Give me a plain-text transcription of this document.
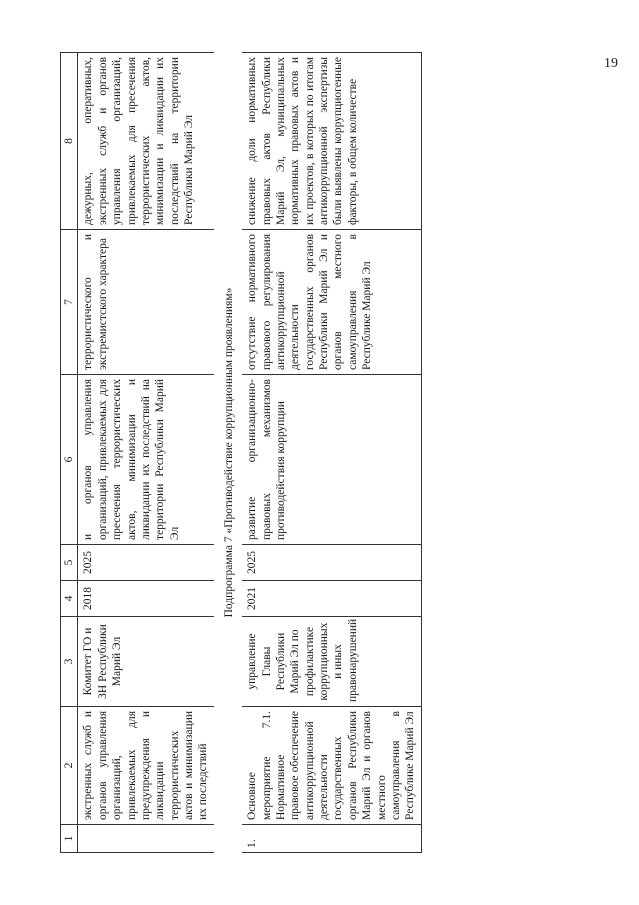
19
1	2	3	4	5	6	7	8
	экстренных служб и органов управления организаций, привлекаемых для предупреждения и ликвидации террористических актов и минимизации их последствий	Комитет ГО и ЗН Республики Марий Эл	2018	2025	и органов управления организаций, привлекаемых для пресечения террористических актов, минимизации и ликвидации их последствий на территории Республики Марий Эл	террористического и экстремистского характера	дежурных, оперативных, экстренных служб и органов управления организаций, привлекаемых для пресечения террористических актов, минимизации и ликвидации их последствий на территории Республики Марий Эл
Подпрограмма 7 «Противодействие коррупционным проявлениям»							
1.	Основное мероприятие 7.1. Нормативное правовое обеспечение антикоррупционной деятельности государственных органов Республики Марий Эл и органов местного самоуправления в Республике Марий Эл	управление Главы Республики Марий Эл по профилактике коррупционных и иных правонарушений	2021	2025	развитие организационно-правовых механизмов противодействия коррупции	отсутствие нормативного правового регулирования антикоррупционной деятельности государственных органов Республики Марий Эл и органов местного самоуправления в Республике Марий Эл	снижение доли нормативных правовых актов Республики Марий Эл, муниципальных нормативных правовых актов и их проектов, в которых по итогам антикоррупционной экспертизы были выявлены коррупциогенные факторы, в общем количестве
